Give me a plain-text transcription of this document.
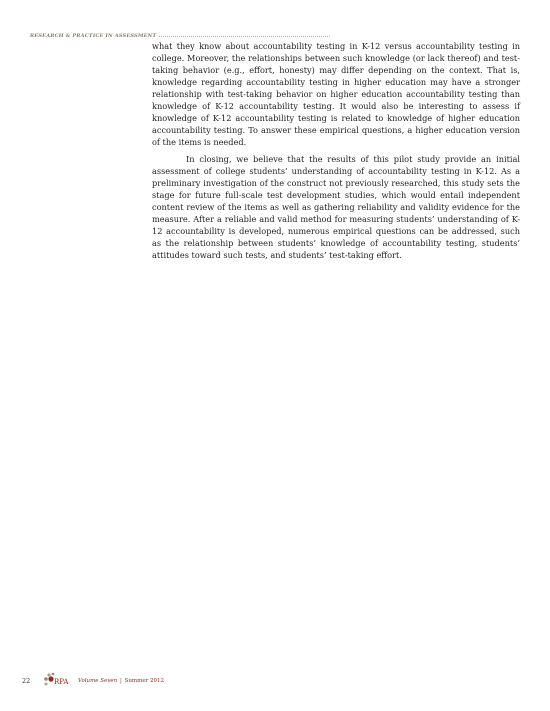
RESEARCH & PRACTICE IN ASSESSMENT

what they know about accountability testing in K-12 versus accountability testing in college. Moreover, the relationships between such knowledge (or lack thereof) and test-taking behavior (e.g., effort, honesty) may differ depending on the context. That is, knowledge regarding accountability testing in higher education may have a stronger relationship with test-taking behavior on higher education accountability testing than knowledge of K-12 accountability testing. It would also be interesting to assess if knowledge of K-12 accountability testing is related to knowledge of higher education accountability testing. To answer these empirical questions, a higher education version of the items is needed.

In closing, we believe that the results of this pilot study provide an initial assessment of college students’ understanding of accountability testing in K-12. As a preliminary investigation of the construct not previously researched, this study sets the stage for future full-scale test development studies, which would entail independent content review of the items as well as gathering reliability and validity evidence for the measure. After a reliable and valid method for measuring students’ understanding of K-12 accountability is developed, numerous empirical questions can be addressed, such as the relationship between students’ knowledge of accountability testing, students’ attitudes toward such tests, and students’ test-taking effort.

22	RPA Volume Seven | Summer 2012
